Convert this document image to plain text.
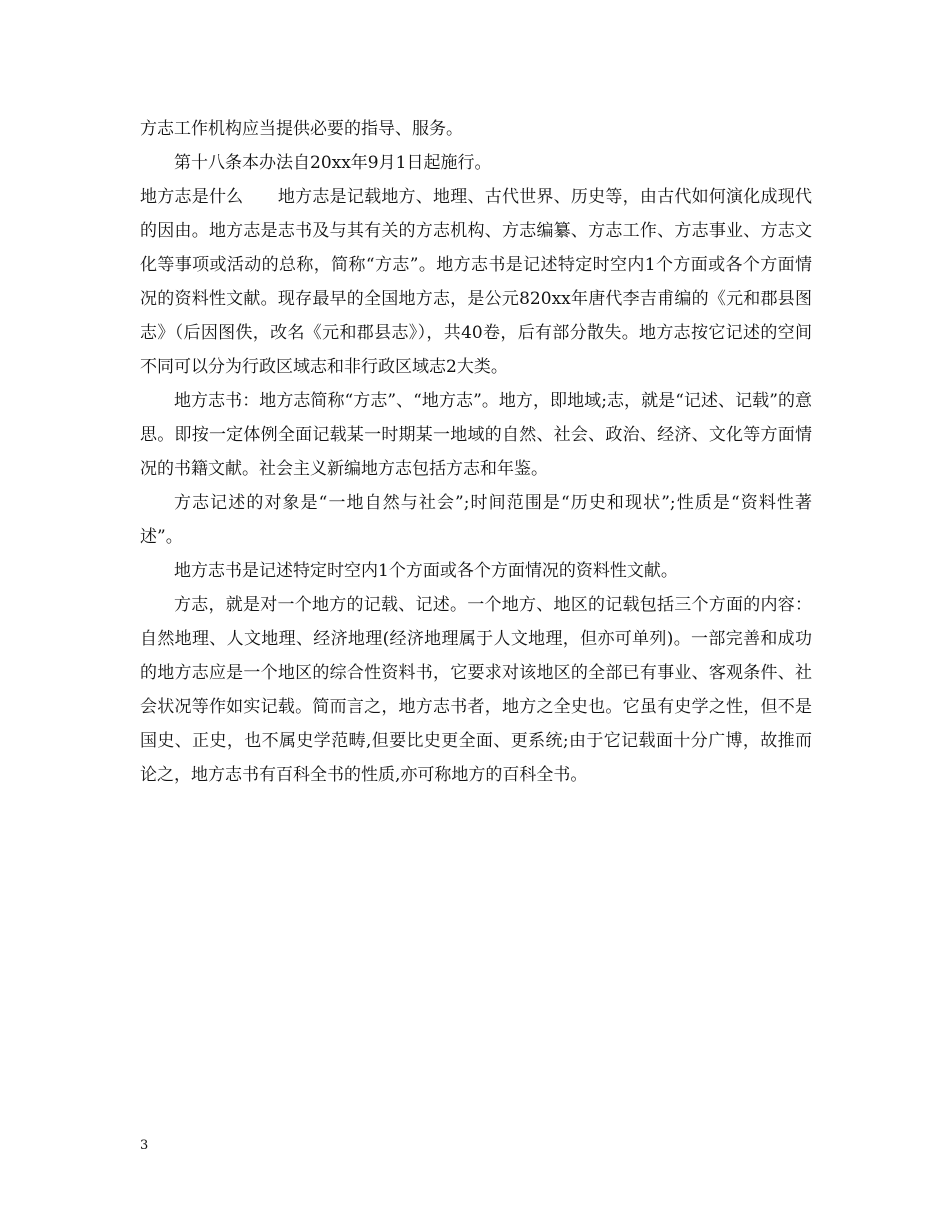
方志工作机构应当提供必要的指导、服务。

第十八条本办法自20xx年9月1日起施行。

地方志是什么　　地方志是记载地方、地理、古代世界、历史等，由古代如何演化成现代的因由。地方志是志书及与其有关的方志机构、方志编纂、方志工作、方志事业、方志文化等事项或活动的总称，简称“方志”。地方志书是记述特定时空内1个方面或各个方面情况的资料性文献。现存最早的全国地方志，是公元820xx年唐代李吉甫编的《元和郡县图志》（后因图佚，改名《元和郡县志》），共40卷，后有部分散失。地方志按它记述的空间不同可以分为行政区域志和非行政区域志2大类。

地方志书：地方志简称“方志”、“地方志”。地方，即地域;志，就是“记述、记载”的意思。即按一定体例全面记载某一时期某一地域的自然、社会、政治、经济、文化等方面情况的书籍文献。社会主义新编地方志包括方志和年鉴。

方志记述的对象是“一地自然与社会”;时间范围是“历史和现状”;性质是“资料性著述”。

地方志书是记述特定时空内1个方面或各个方面情况的资料性文献。

方志，就是对一个地方的记载、记述。一个地方、地区的记载包括三个方面的内容：自然地理、人文地理、经济地理(经济地理属于人文地理，但亦可单列)。一部完善和成功的地方志应是一个地区的综合性资料书，它要求对该地区的全部已有事业、客观条件、社会状况等作如实记载。简而言之，地方志书者，地方之全史也。它虽有史学之性，但不是国史、正史，也不属史学范畴,但要比史更全面、更系统;由于它记载面十分广博，故推而论之，地方志书有百科全书的性质,亦可称地方的百科全书。

3
